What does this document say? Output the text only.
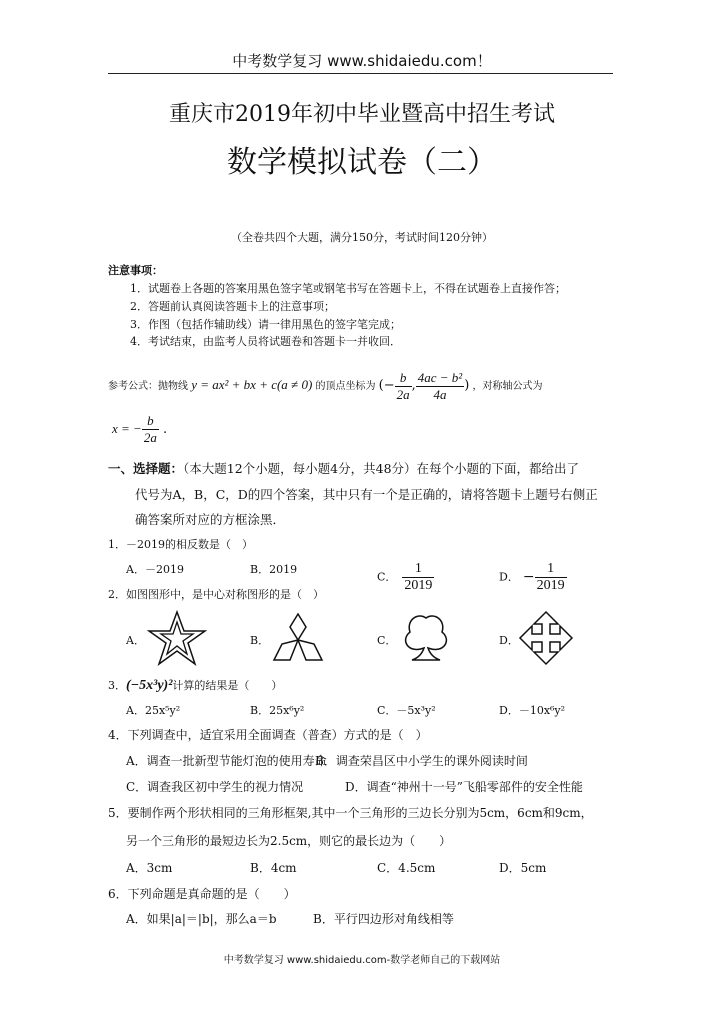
中考数学复习 www.shidaiedu.com！
重庆市2019年初中毕业暨高中招生考试
数学模拟试卷（二）
（全卷共四个大题，满分150分，考试时间120分钟）
注意事项：
1．试题卷上各题的答案用黑色签字笔或钢笔书写在答题卡上，不得在试题卷上直接作答；
2．答题前认真阅读答题卡上的注意事项；
3．作图（包括作辅助线）请一律用黑色的签字笔完成；
4．考试结束，由监考人员将试题卷和答题卡一并收回．
参考公式：抛物线 y = ax² + bx + c(a ≠ 0) 的顶点坐标为 (− $\frac{b}{2a}$ , $\frac{\text{4ac − b²}}{4a}$ ) ，对称轴公式为
x = − $\frac{b}{2a}$ .
一、选择题：（本大题12个小题，每小题4分，共48分）在每个小题的下面，都给出了
代号为A，B，C，D的四个答案，其中只有一个是正确的，请将答题卡上题号右侧正
确答案所对应的方框涂黑．
1．－2019的相反数是（　）
A．－2019	B．2019
C． $\frac{1}{2019}$	D． − $\frac{1}{2019}$
2．如图图形中，是中心对称图形的是（　）
A．	B．	C．	D．
3．(−5x³y)²计算的结果是（　　）
A．25x⁵y²	B．25x⁶y²	C．－5x³y²	D．－10x⁶y²
4．下列调查中，适宜采用全面调查（普查）方式的是（　）
A．调查一批新型节能灯泡的使用寿命
B．调查荣昌区中小学生的课外阅读时间
C．调查我区初中学生的视力情况	D．调查“神州十一号”飞船零部件的安全性能
5．要制作两个形状相同的三角形框架,其中一个三角形的三边长分别为5cm，6cm和9cm，
另一个三角形的最短边长为2.5cm，则它的最长边为（　　）
A．3cm	B．4cm	C．4.5cm	D．5cm
6．下列命题是真命题的是（　　）
A．如果|a|＝|b|，那么a＝b	B．平行四边形对角线相等
中考数学复习 www.shidaiedu.com-数学老师自己的下载网站
